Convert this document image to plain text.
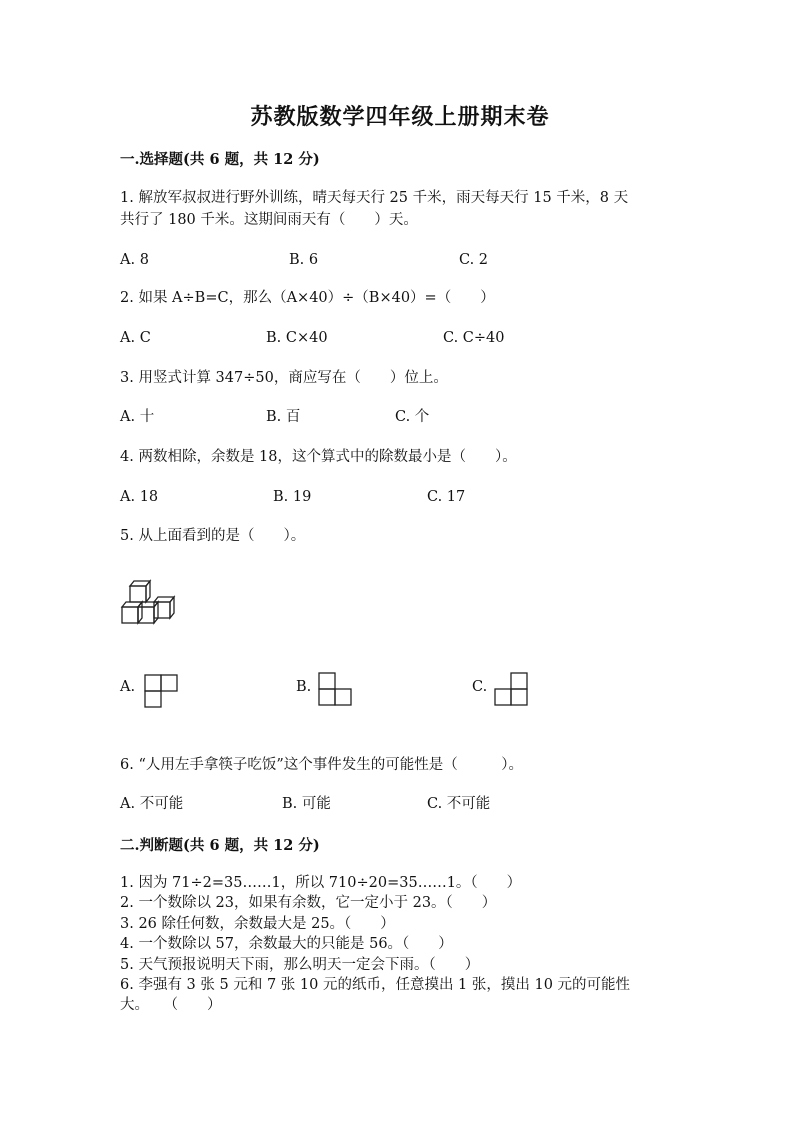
苏教版数学四年级上册期末卷
一.选择题(共 6 题，共 12 分)
1. 解放军叔叔进行野外训练，晴天每天行 25 千米，雨天每天行 15 千米，8 天
共行了 180 千米。这期间雨天有（　　）天。
A. 8	B. 6	C. 2
2. 如果 A÷B=C，那么（A×40）÷（B×40）=（　　）
A. C	B. C×40	C. C÷40
3. 用竖式计算 347÷50，商应写在（　　）位上。
A. 十	B. 百	C. 个
4. 两数相除，余数是 18，这个算式中的除数最小是（　　）。
A. 18	B. 19	C. 17
5. 从上面看到的是（　　）。
A.	B.	C.
6. “人用左手拿筷子吃饭”这个事件发生的可能性是（　　　）。
A. 不可能	B. 可能	C. 不可能
二.判断题(共 6 题，共 12 分)
1. 因为 71÷2=35……1，所以 710÷20=35……1。（　　）
2. 一个数除以 23，如果有余数，它一定小于 23。（　　）
3. 26 除任何数，余数最大是 25。（　　）
4. 一个数除以 57，余数最大的只能是 56。（　　）
5. 天气预报说明天下雨，那么明天一定会下雨。（　　）
6. 李强有 3 张 5 元和 7 张 10 元的纸币，任意摸出 1 张，摸出 10 元的可能性
大。　　（　　）
